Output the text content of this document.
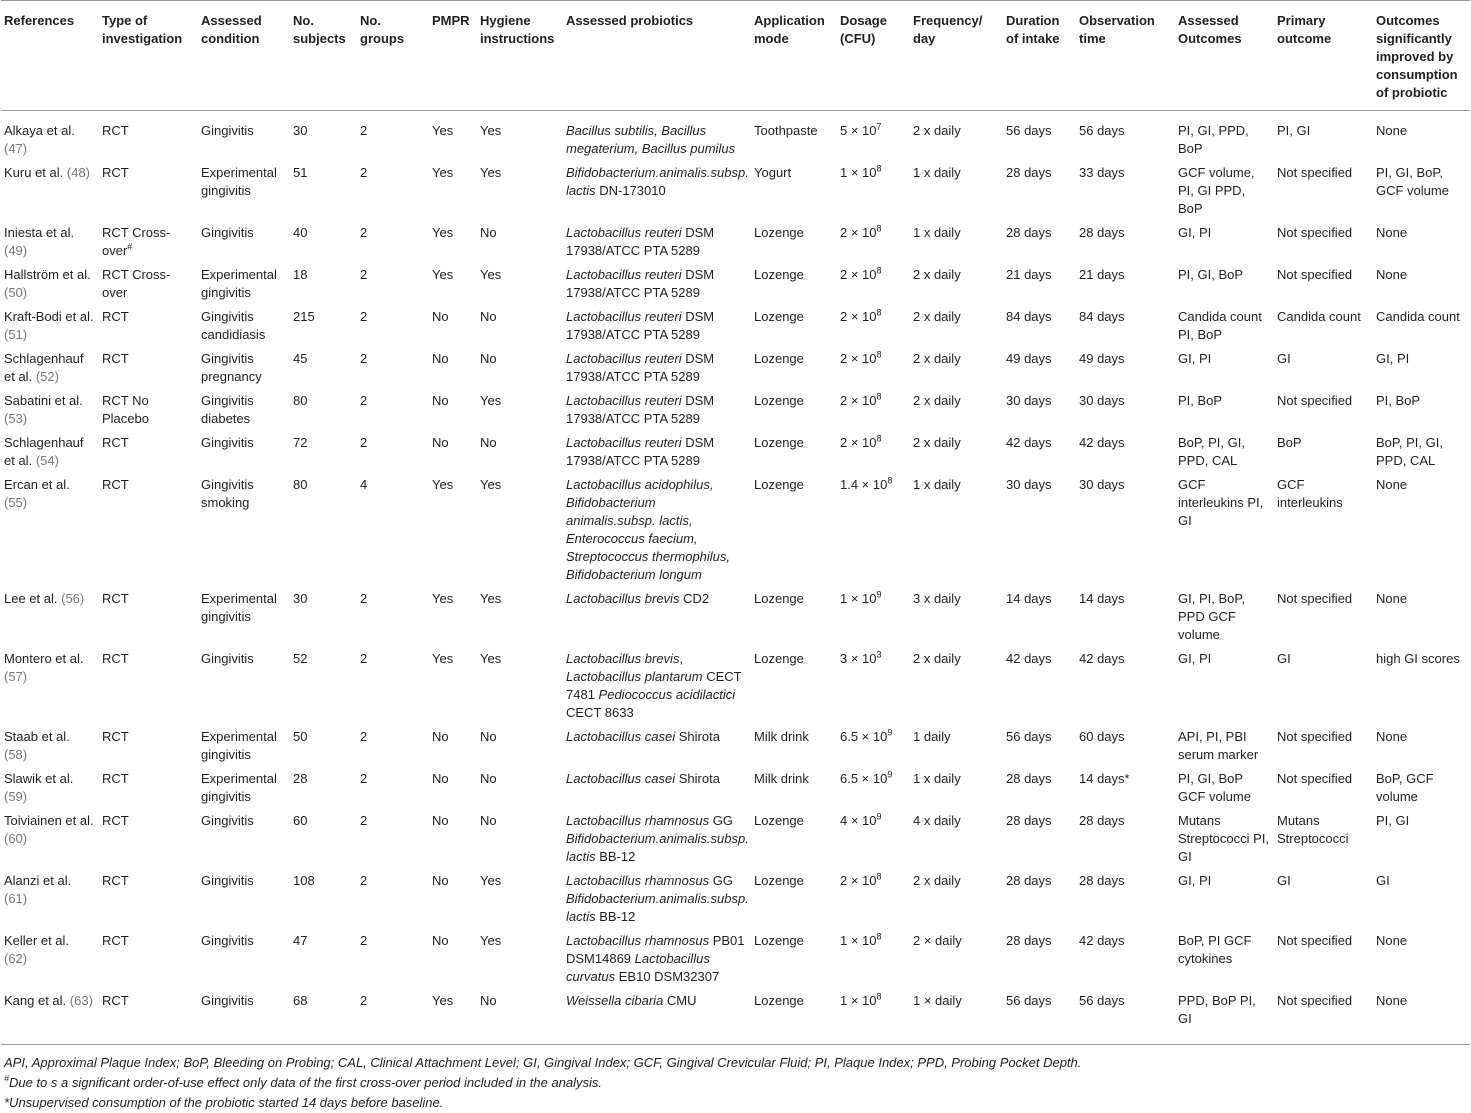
References	Type of investigation	Assessed condition	No. subjects	No. groups	PMPR	Hygiene instructions	Assessed probiotics	Application mode	Dosage (CFU)	Frequency/ day	Duration of intake	Observation time	Assessed Outcomes	Primary outcome	Outcomes significantly improved by consumption of probiotic
Alkaya et al. (47)	RCT	Gingivitis	30	2	Yes	Yes	Bacillus subtilis, Bacillus megaterium, Bacillus pumilus	Toothpaste	$5 \times 10^7$	2 x daily	56 days	56 days	PI, GI, PPD, BoP	PI, GI	None
Kuru et al. (48)	RCT	Experimental gingivitis	51	2	Yes	Yes	Bifidobacterium.animalis.subsp. lactis DN-173010	Yogurt	$1 \times 10^8$	1 x daily	28 days	33 days	GCF volume, PI, GI PPD, BoP	Not specified	PI, GI, BoP, GCF volume
Iniesta et al. (49)	RCT Cross-over#	Gingivitis	40	2	Yes	No	Lactobacillus reuteri DSM 17938/ATCC PTA 5289	Lozenge	$2 \times 10^8$	1 x daily	28 days	28 days	GI, PI	Not specified	None
Hallström et al. (50)	RCT Cross-over	Experimental gingivitis	18	2	Yes	Yes	Lactobacillus reuteri DSM 17938/ATCC PTA 5289	Lozenge	$2 \times 10^8$	2 x daily	21 days	21 days	PI, GI, BoP	Not specified	None
Kraft-Bodi et al. (51)	RCT	Gingivitis candidiasis	215	2	No	No	Lactobacillus reuteri DSM 17938/ATCC PTA 5289	Lozenge	$2 \times 10^8$	2 x daily	84 days	84 days	Candida count PI, BoP	Candida count	Candida count
Schlagenhauf et al. (52)	RCT	Gingivitis pregnancy	45	2	No	No	Lactobacillus reuteri DSM 17938/ATCC PTA 5289	Lozenge	$2 \times 10^8$	2 x daily	49 days	49 days	GI, PI	GI	GI, PI
Sabatini et al. (53)	RCT No Placebo	Gingivitis diabetes	80	2	No	Yes	Lactobacillus reuteri DSM 17938/ATCC PTA 5289	Lozenge	$2 \times 10^8$	2 x daily	30 days	30 days	PI, BoP	Not specified	PI, BoP
Schlagenhauf et al. (54)	RCT	Gingivitis	72	2	No	No	Lactobacillus reuteri DSM 17938/ATCC PTA 5289	Lozenge	$2 \times 10^8$	2 x daily	42 days	42 days	BoP, PI, GI, PPD, CAL	BoP	BoP, PI, GI, PPD, CAL
Ercan et al. (55)	RCT	Gingivitis smoking	80	4	Yes	Yes	Lactobacillus acidophilus, Bifidobacterium animalis.subsp. lactis, Enterococcus faecium, Streptococcus thermophilus, Bifidobacterium longum	Lozenge	$1.4 \times 10^8$	1 x daily	30 days	30 days	GCF interleukins PI, GI	GCF interleukins	None
Lee et al. (56)	RCT	Experimental gingivitis	30	2	Yes	Yes	Lactobacillus brevis CD2	Lozenge	$1 \times 10^9$	3 x daily	14 days	14 days	GI, PI, BoP, PPD GCF volume	Not specified	None
Montero et al. (57)	RCT	Gingivitis	52	2	Yes	Yes	Lactobacillus brevis, Lactobacillus plantarum CECT 7481 Pediococcus acidilactici CECT 8633	Lozenge	$3 \times 10^3$	2 x daily	42 days	42 days	GI, PI	GI	high GI scores
Staab et al. (58)	RCT	Experimental gingivitis	50	2	No	No	Lactobacillus casei Shirota	Milk drink	$6.5 \times 10^9$	1 daily	56 days	60 days	API, PI, PBI serum marker	Not specified	None
Slawik et al. (59)	RCT	Experimental gingivitis	28	2	No	No	Lactobacillus casei Shirota	Milk drink	$6.5 \times 10^9$	1 x daily	28 days	14 days*	PI, GI, BoP GCF volume	Not specified	BoP, GCF volume
Toiviainen et al. (60)	RCT	Gingivitis	60	2	No	No	Lactobacillus rhamnosus GG Bifidobacterium.animalis.subsp. lactis BB-12	Lozenge	$4 \times 10^9$	4 x daily	28 days	28 days	Mutans Streptococci PI, GI	Mutans Streptococci	PI, GI
Alanzi et al. (61)	RCT	Gingivitis	108	2	No	Yes	Lactobacillus rhamnosus GG Bifidobacterium.animalis.subsp. lactis BB-12	Lozenge	$2 \times 10^8$	2 x daily	28 days	28 days	GI, PI	GI	GI
Keller et al. (62)	RCT	Gingivitis	47	2	No	Yes	Lactobacillus rhamnosus PB01 DSM14869 Lactobacillus curvatus EB10 DSM32307	Lozenge	$1 \times 10^8$	2 × daily	28 days	42 days	BoP, PI GCF cytokines	Not specified	None
Kang et al. (63)	RCT	Gingivitis	68	2	Yes	No	Weissella cibaria CMU	Lozenge	$1 \times 10^8$	1 × daily	56 days	56 days	PPD, BoP PI, GI	Not specified	None
API, Approximal Plaque Index; BoP, Bleeding on Probing; CAL, Clinical Attachment Level; GI, Gingival Index; GCF, Gingival Crevicular Fluid; PI, Plaque Index; PPD, Probing Pocket Depth.
#Due to s a significant order-of-use effect only data of the first cross-over period included in the analysis.
*Unsupervised consumption of the probiotic started 14 days before baseline.
